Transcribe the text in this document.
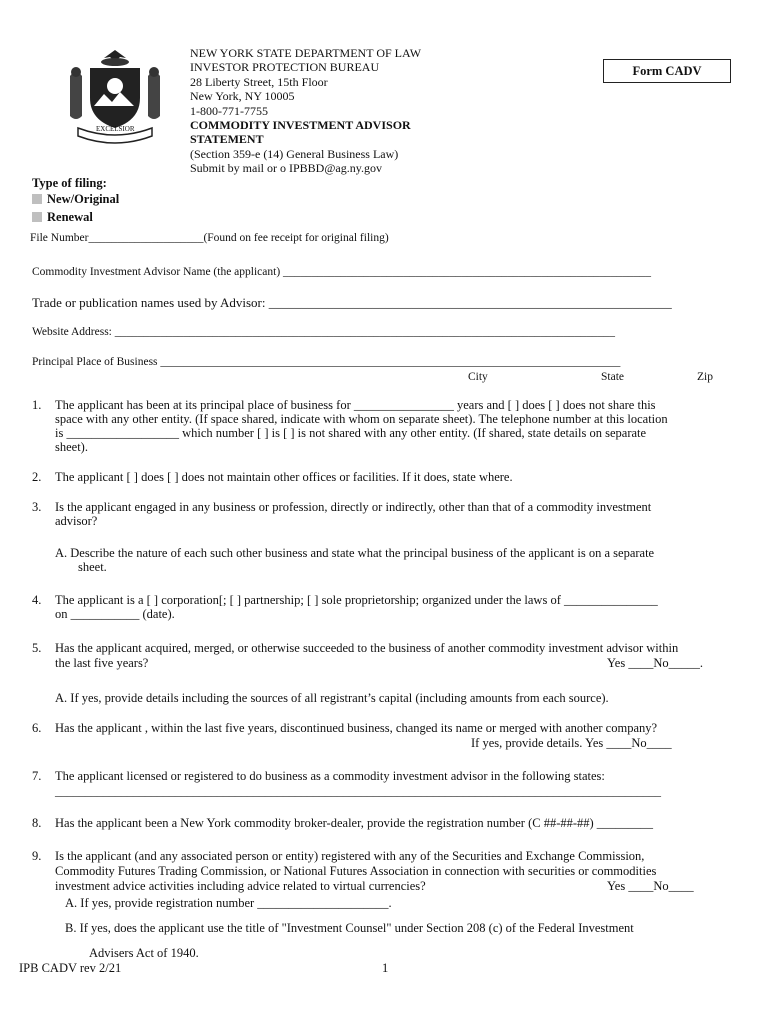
EXCELSIOR
NEW YORK STATE DEPARTMENT OF LAW
INVESTOR PROTECTION BUREAU
28 Liberty Street, 15th Floor
New York, NY 10005
1-800-771-7755
COMMODITY INVESTMENT ADVISOR
STATEMENT
(Section 359-e (14) General Business Law)
Submit by mail or o IPBBD@ag.ny.gov
Form CADV
Type of filing:
New/Original
Renewal
File Number____________________(Found on fee receipt for original filing)
Commodity Investment Advisor Name (the applicant) ________________________________________________________________
Trade or publication names used by Advisor: ______________________________________________________________
Website Address: _______________________________________________________________________________________
Principal Place of Business ________________________________________________________________________________
City	State	Zip
1. The applicant has been at its principal place of business for ________________ years and [ ] does [ ] does not share this
space with any other entity. (If space shared, indicate with whom on separate sheet). The telephone number at this location
is __________________ which number [ ] is [ ] is not shared with any other entity. (If shared, state details on separate
sheet).
2. The applicant [ ] does [ ] does not maintain other offices or facilities. If it does, state where.
3. Is the applicant engaged in any business or profession, directly or indirectly, other than that of a commodity investment
advisor?
A. Describe the nature of each such other business and state what the principal business of the applicant is on a separate
sheet.
4. The applicant is a [ ] corporation[; [ ] partnership; [ ] sole proprietorship; organized under the laws of _______________
on ___________ (date).
5. Has the applicant acquired, merged, or otherwise succeeded to the business of another commodity investment advisor within
the last five years?	Yes ____No_____.
A. If yes, provide details including the sources of all registrant’s capital (including amounts from each source).
6. Has the applicant , within the last five years, discontinued business, changed its name or merged with another company?
If yes, provide details. Yes ____No____
7. The applicant licensed or registered to do business as a commodity investment advisor in the following states:
_____________________________________________________________________________________________________
8. Has the applicant been a New York commodity broker-dealer, provide the registration number (C ##-##-##) _________
9. Is the applicant (and any associated person or entity) registered with any of the Securities and Exchange Commission,
Commodity Futures Trading Commission, or National Futures Association in connection with securities or commodities
investment advice activities including advice related to virtual currencies?	Yes ____No____
A. If yes, provide registration number _____________________.
B. If yes, does the applicant use the title of "Investment Counsel" under Section 208 (c) of the Federal Investment
Advisers Act of 1940.
IPB CADV rev 2/21	1
